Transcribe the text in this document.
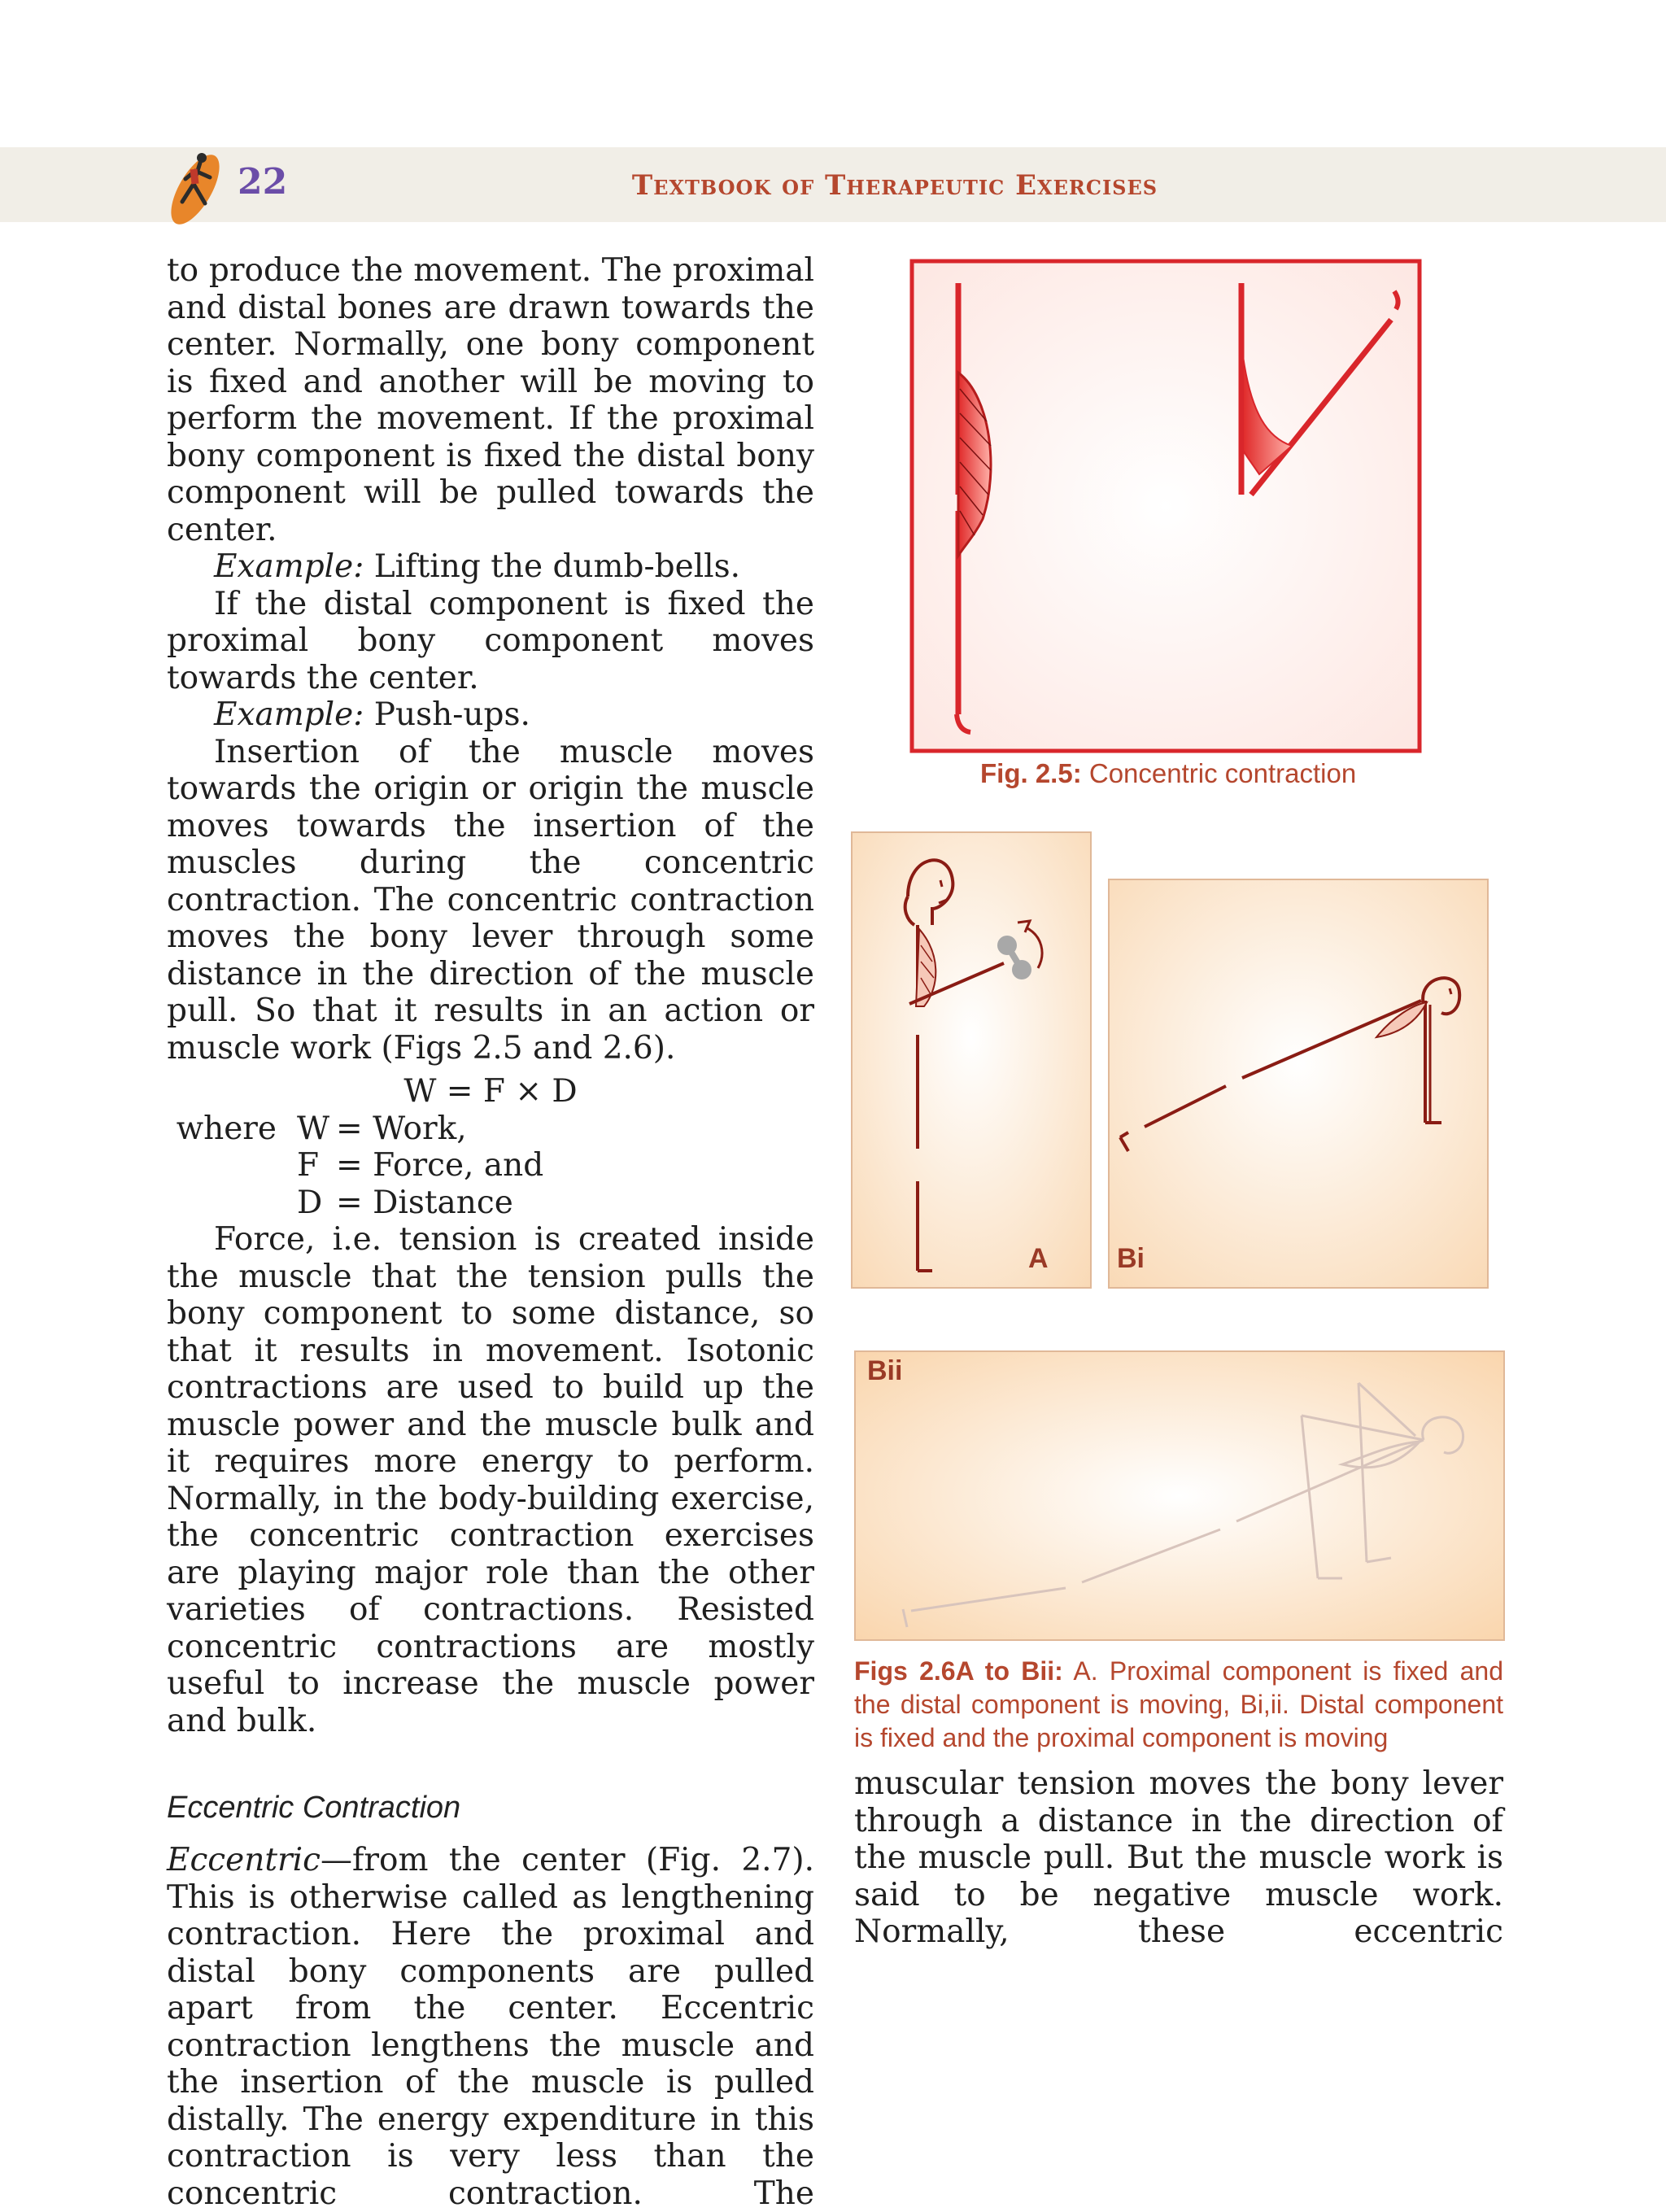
22	Textbook of Therapeutic Exercises

to produce the movement. The proximal and distal bones are drawn towards the center. Normally, one bony component is fixed and another will be moving to perform the movement. If the proximal bony component is fixed the distal bony component will be pulled towards the center.

Example: Lifting the dumb-bells.

If the distal component is fixed the proximal bony component moves towards the center.

Example: Push-ups.

Insertion of the muscle moves towards the origin or origin the muscle moves towards the insertion of the muscles during the concentric contraction. The concentric contraction moves the bony lever through some distance in the direction of the muscle pull. So that it results in an action or muscle work (Figs 2.5 and 2.6).

W = F × D

where W = Work,

F = Force, and

D = Distance

Force, i.e. tension is created inside the muscle that the tension pulls the bony component to some distance, so that it results in movement. Isotonic contractions are used to build up the muscle power and the muscle bulk and it requires more energy to perform. Normally, in the body-building exercise, the concentric contraction exercises are playing major role than the other varieties of contractions. Resisted concentric contractions are mostly useful to increase the muscle power and bulk.

Eccentric Contraction

Eccentric—from the center (Fig. 2.7). This is otherwise called as lengthening contraction. Here the proximal and distal bony components are pulled apart from the center. Eccentric contraction lengthens the muscle and the insertion of the muscle is pulled distally. The energy expenditure in this contraction is very less than the concentric contraction. The

Fig. 2.5: Concentric contraction
A Bi
Bii
Figs 2.6A to Bii: A. Proximal component is fixed and the distal component is moving, Bi,ii. Distal component is fixed and the proximal component is moving

muscular tension moves the bony lever through a distance in the direction of the muscle pull. But the muscle work is said to be negative muscle work. Normally, these eccentric
